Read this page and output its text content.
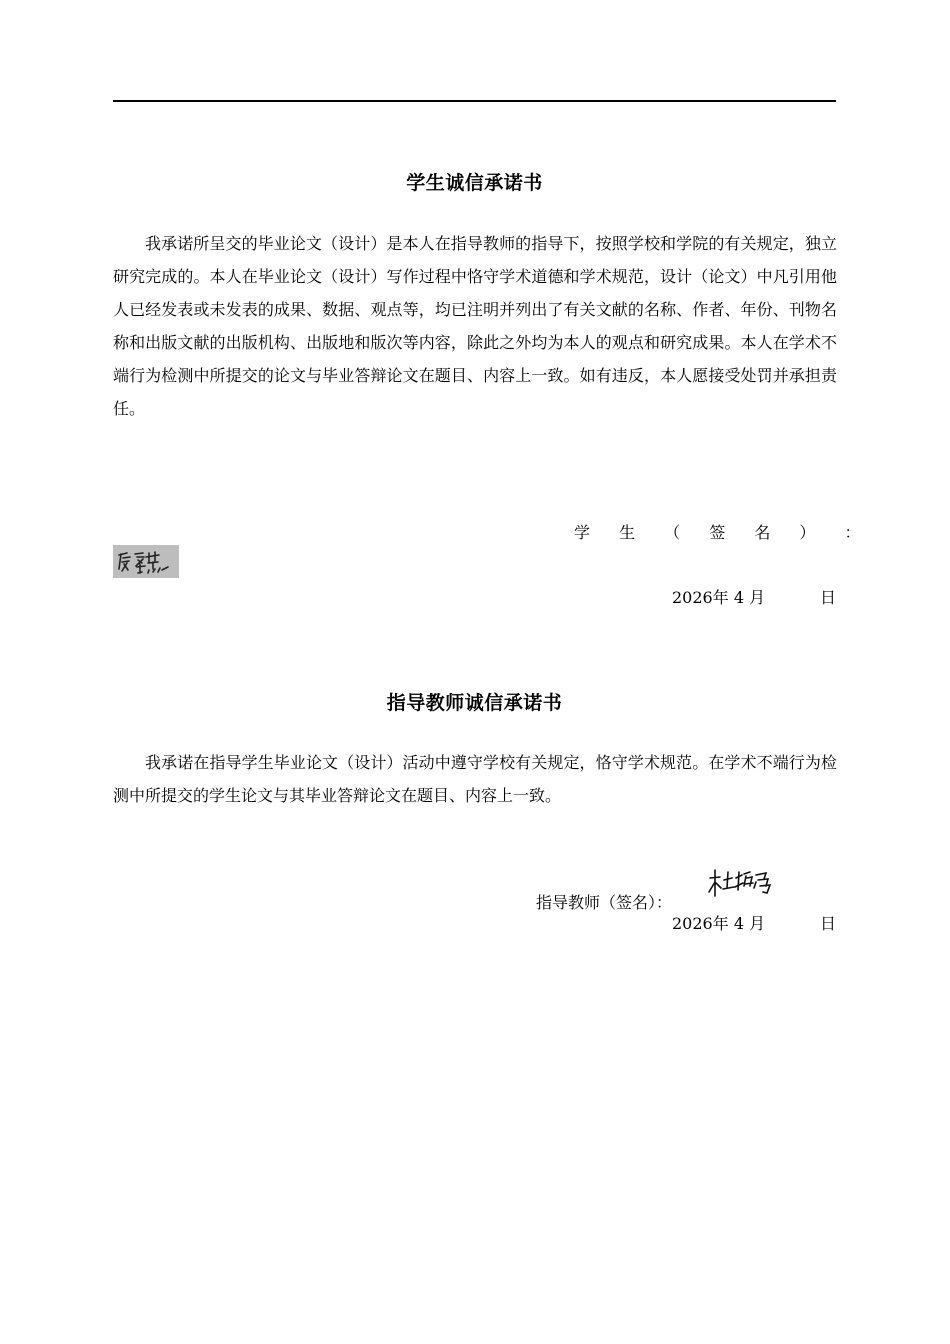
学生诚信承诺书

我承诺所呈交的毕业论文（设计）是本人在指导教师的指导下，按照学校和学院的有关规定，独立研究完成的。本人在毕业论文（设计）写作过程中恪守学术道德和学术规范，设计（论文）中凡引用他人已经发表或未发表的成果、数据、观点等，均已注明并列出了有关文献的名称、作者、年份、刊物名称和出版文献的出版机构、出版地和版次等内容，除此之外均为本人的观点和研究成果。本人在学术不端行为检测中所提交的论文与毕业答辩论文在题目、内容上一致。如有违反，本人愿接受处罚并承担责任。

学 生 （ 签 名 ） ：
2026年 4 月	日
指导教师诚信承诺书

我承诺在指导学生毕业论文（设计）活动中遵守学校有关规定，恪守学术规范。在学术不端行为检测中所提交的学生论文与其毕业答辩论文在题目、内容上一致。

指导教师（签名）：
2026年 4 月	日
